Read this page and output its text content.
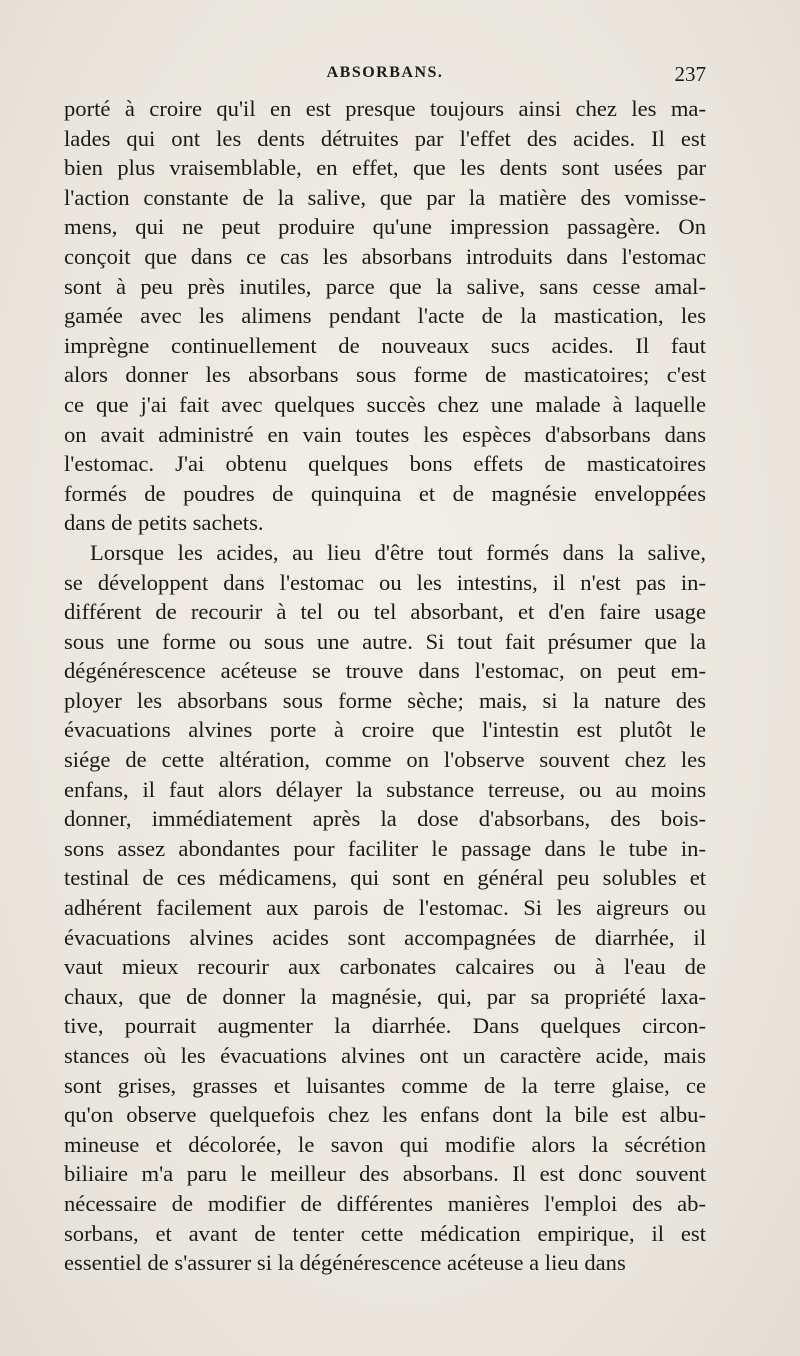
ABSORBANS.	237
porté à croire qu'il en est presque toujours ainsi chez les ma-
lades qui ont les dents détruites par l'effet des acides. Il est
bien plus vraisemblable, en effet, que les dents sont usées par
l'action constante de la salive, que par la matière des vomisse-
mens, qui ne peut produire qu'une impression passagère. On
conçoit que dans ce cas les absorbans introduits dans l'estomac
sont à peu près inutiles, parce que la salive, sans cesse amal-
gamée avec les alimens pendant l'acte de la mastication, les
imprègne continuellement de nouveaux sucs acides. Il faut
alors donner les absorbans sous forme de masticatoires; c'est
ce que j'ai fait avec quelques succès chez une malade à laquelle
on avait administré en vain toutes les espèces d'absorbans dans
l'estomac. J'ai obtenu quelques bons effets de masticatoires
formés de poudres de quinquina et de magnésie enveloppées
dans de petits sachets.
Lorsque les acides, au lieu d'être tout formés dans la salive,
se développent dans l'estomac ou les intestins, il n'est pas in-
différent de recourir à tel ou tel absorbant, et d'en faire usage
sous une forme ou sous une autre. Si tout fait présumer que la
dégénérescence acéteuse se trouve dans l'estomac, on peut em-
ployer les absorbans sous forme sèche; mais, si la nature des
évacuations alvines porte à croire que l'intestin est plutôt le
siége de cette altération, comme on l'observe souvent chez les
enfans, il faut alors délayer la substance terreuse, ou au moins
donner, immédiatement après la dose d'absorbans, des bois-
sons assez abondantes pour faciliter le passage dans le tube in-
testinal de ces médicamens, qui sont en général peu solubles et
adhérent facilement aux parois de l'estomac. Si les aigreurs ou
évacuations alvines acides sont accompagnées de diarrhée, il
vaut mieux recourir aux carbonates calcaires ou à l'eau de
chaux, que de donner la magnésie, qui, par sa propriété laxa-
tive, pourrait augmenter la diarrhée. Dans quelques circon-
stances où les évacuations alvines ont un caractère acide, mais
sont grises, grasses et luisantes comme de la terre glaise, ce
qu'on observe quelquefois chez les enfans dont la bile est albu-
mineuse et décolorée, le savon qui modifie alors la sécrétion
biliaire m'a paru le meilleur des absorbans. Il est donc souvent
nécessaire de modifier de différentes manières l'emploi des ab-
sorbans, et avant de tenter cette médication empirique, il est
essentiel de s'assurer si la dégénérescence acéteuse a lieu dans
